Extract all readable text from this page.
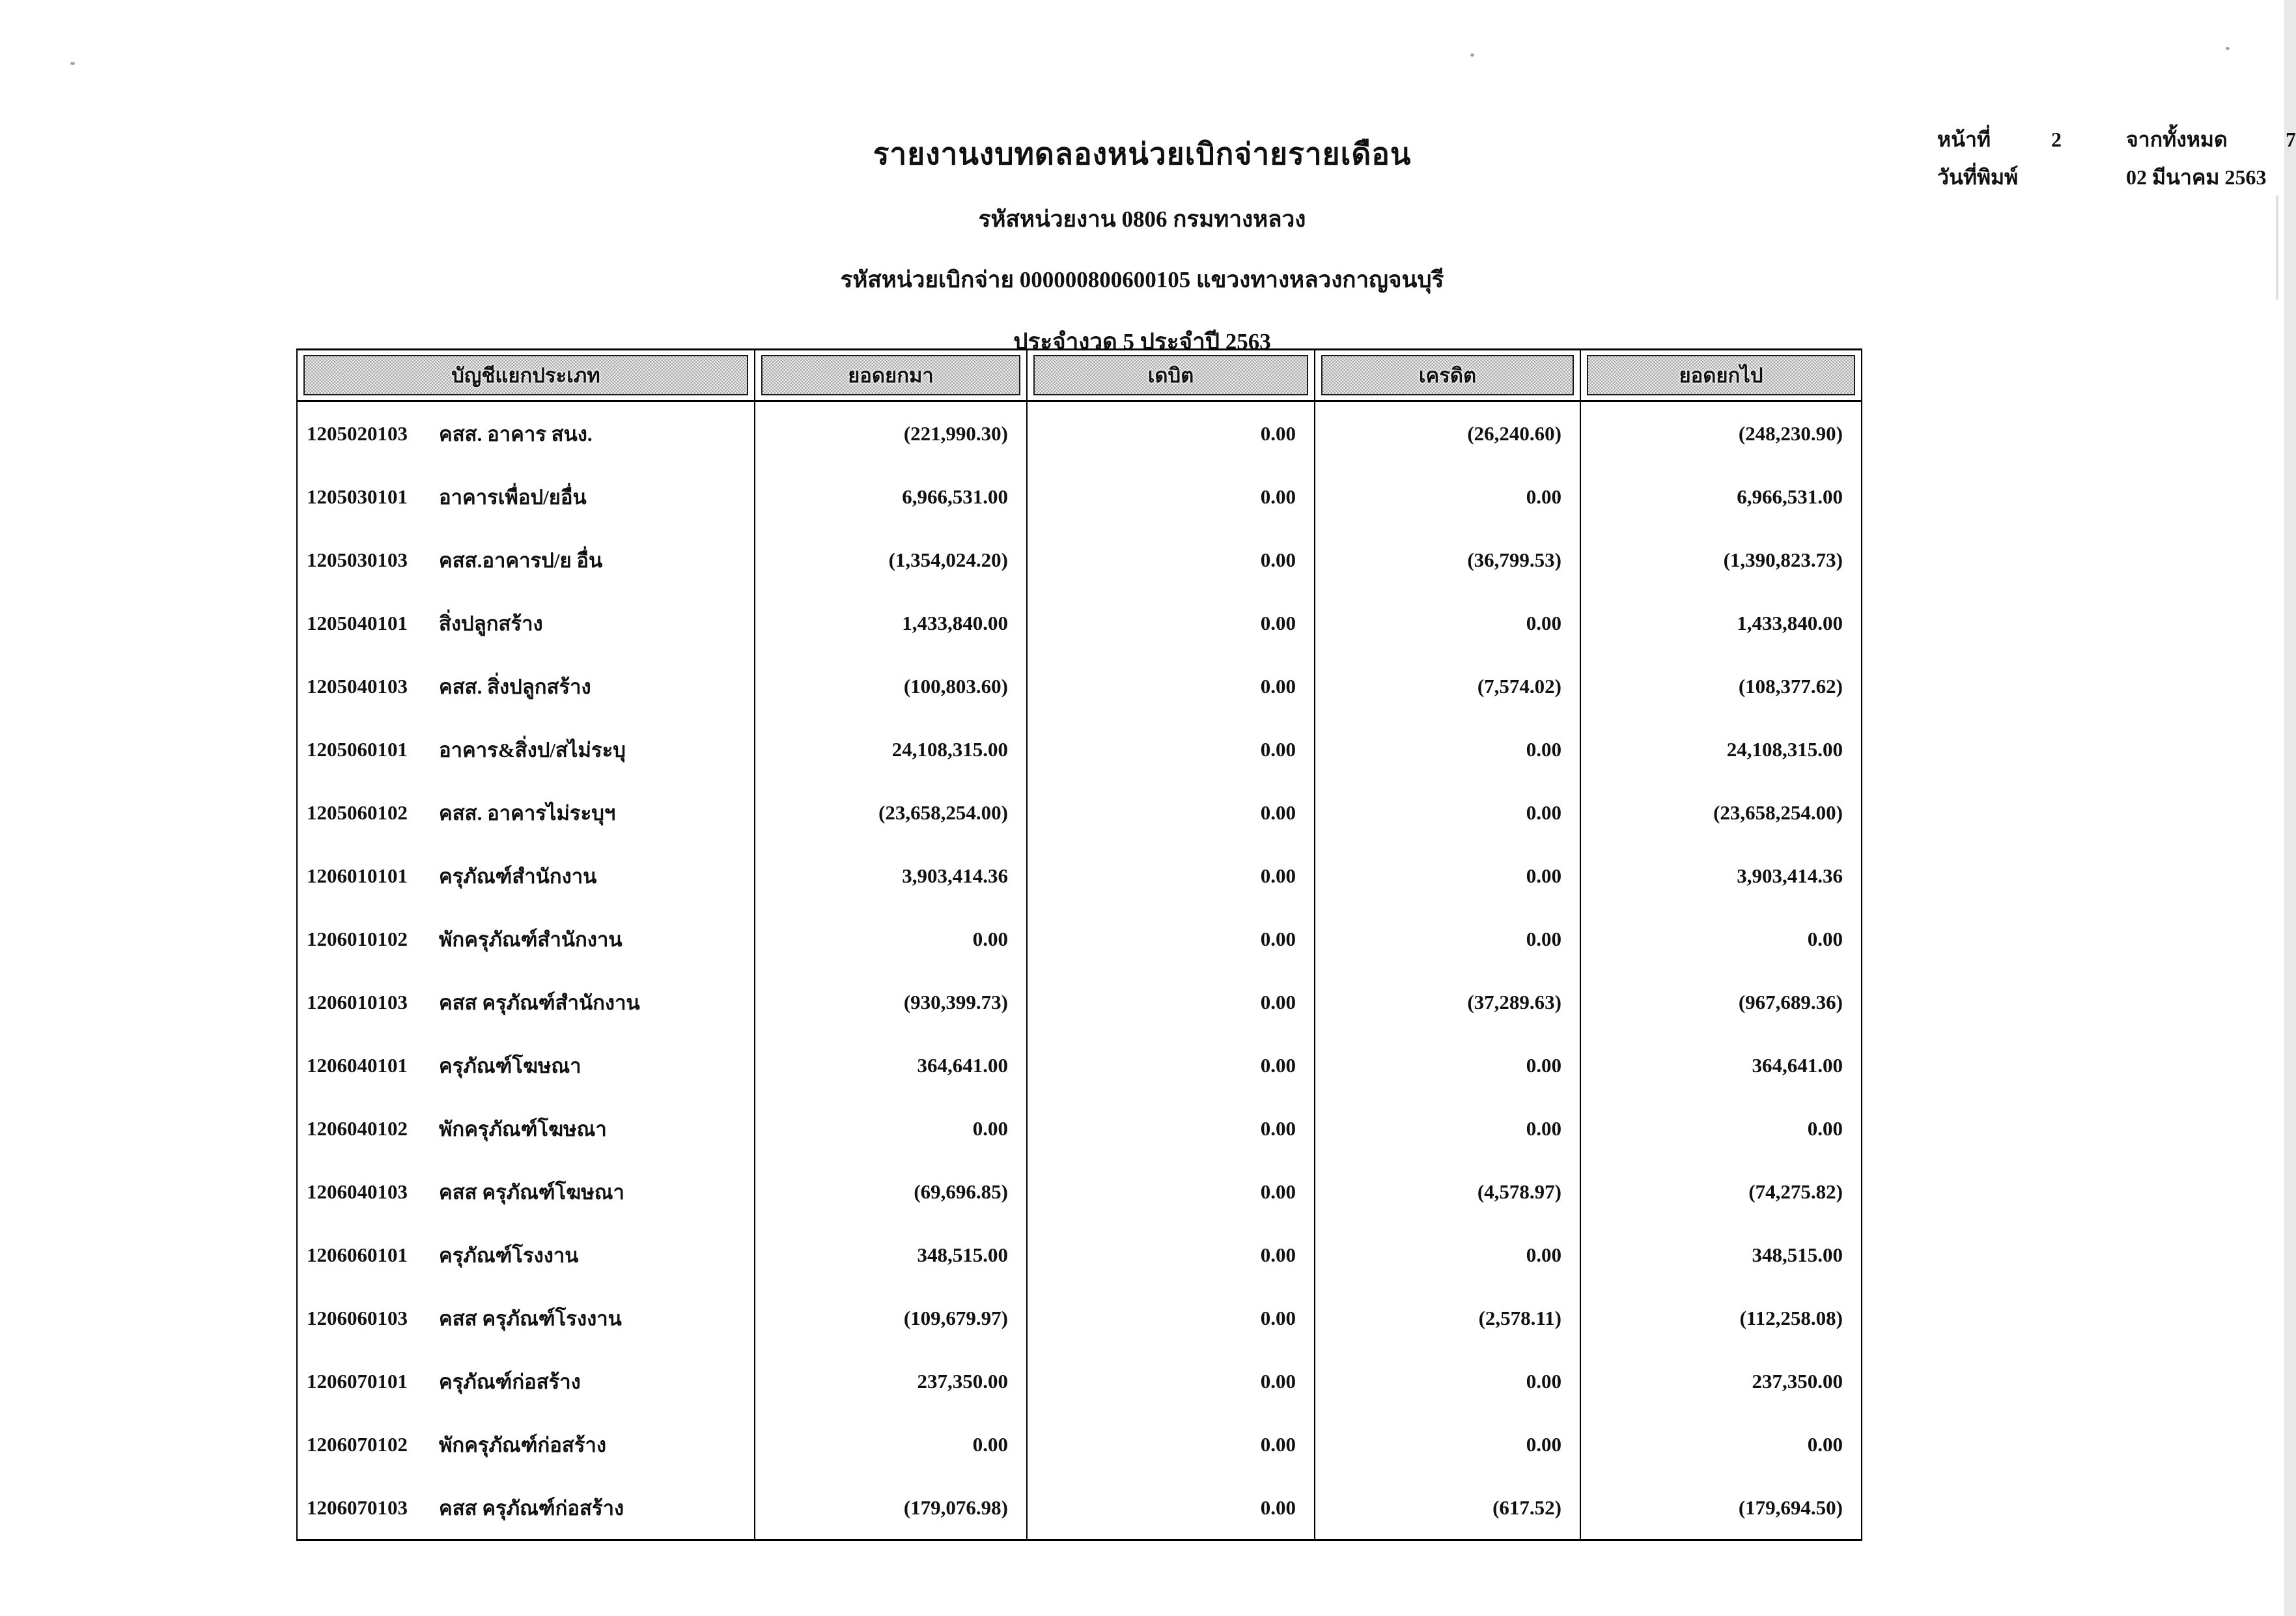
รายงานงบทดลองหน่วยเบิกจ่ายรายเดือน
รหัสหน่วยงาน 0806 กรมทางหลวง
รหัสหน่วยเบิกจ่าย 000000800600105 แขวงทางหลวงกาญจนบุรี
ประจำงวด 5 ประจำปี 2563
หน้าที่	2	จากทั้งหมด	7
วันที่พิมพ์	02 มีนาคม 2563
บัญชีแยกประเภท	ยอดยกมา	เดบิต	เครดิต	ยอดยกไป
1205020103	คสส. อาคาร สนง.	(221,990.30)	0.00	(26,240.60)	(248,230.90)
1205030101	อาคารเพื่อป/ยอื่น	6,966,531.00	0.00	0.00	6,966,531.00
1205030103	คสส.อาคารป/ย อื่น	(1,354,024.20)	0.00	(36,799.53)	(1,390,823.73)
1205040101	สิ่งปลูกสร้าง	1,433,840.00	0.00	0.00	1,433,840.00
1205040103	คสส. สิ่งปลูกสร้าง	(100,803.60)	0.00	(7,574.02)	(108,377.62)
1205060101	อาคาร&สิ่งป/สไม่ระบุ	24,108,315.00	0.00	0.00	24,108,315.00
1205060102	คสส. อาคารไม่ระบุฯ	(23,658,254.00)	0.00	0.00	(23,658,254.00)
1206010101	ครุภัณฑ์สำนักงาน	3,903,414.36	0.00	0.00	3,903,414.36
1206010102	พักครุภัณฑ์สำนักงาน	0.00	0.00	0.00	0.00
1206010103	คสส ครุภัณฑ์สำนักงาน	(930,399.73)	0.00	(37,289.63)	(967,689.36)
1206040101	ครุภัณฑ์โฆษณา	364,641.00	0.00	0.00	364,641.00
1206040102	พักครุภัณฑ์โฆษณา	0.00	0.00	0.00	0.00
1206040103	คสส ครุภัณฑ์โฆษณา	(69,696.85)	0.00	(4,578.97)	(74,275.82)
1206060101	ครุภัณฑ์โรงงาน	348,515.00	0.00	0.00	348,515.00
1206060103	คสส ครุภัณฑ์โรงงาน	(109,679.97)	0.00	(2,578.11)	(112,258.08)
1206070101	ครุภัณฑ์ก่อสร้าง	237,350.00	0.00	0.00	237,350.00
1206070102	พักครุภัณฑ์ก่อสร้าง	0.00	0.00	0.00	0.00
1206070103	คสส ครุภัณฑ์ก่อสร้าง	(179,076.98)	0.00	(617.52)	(179,694.50)
